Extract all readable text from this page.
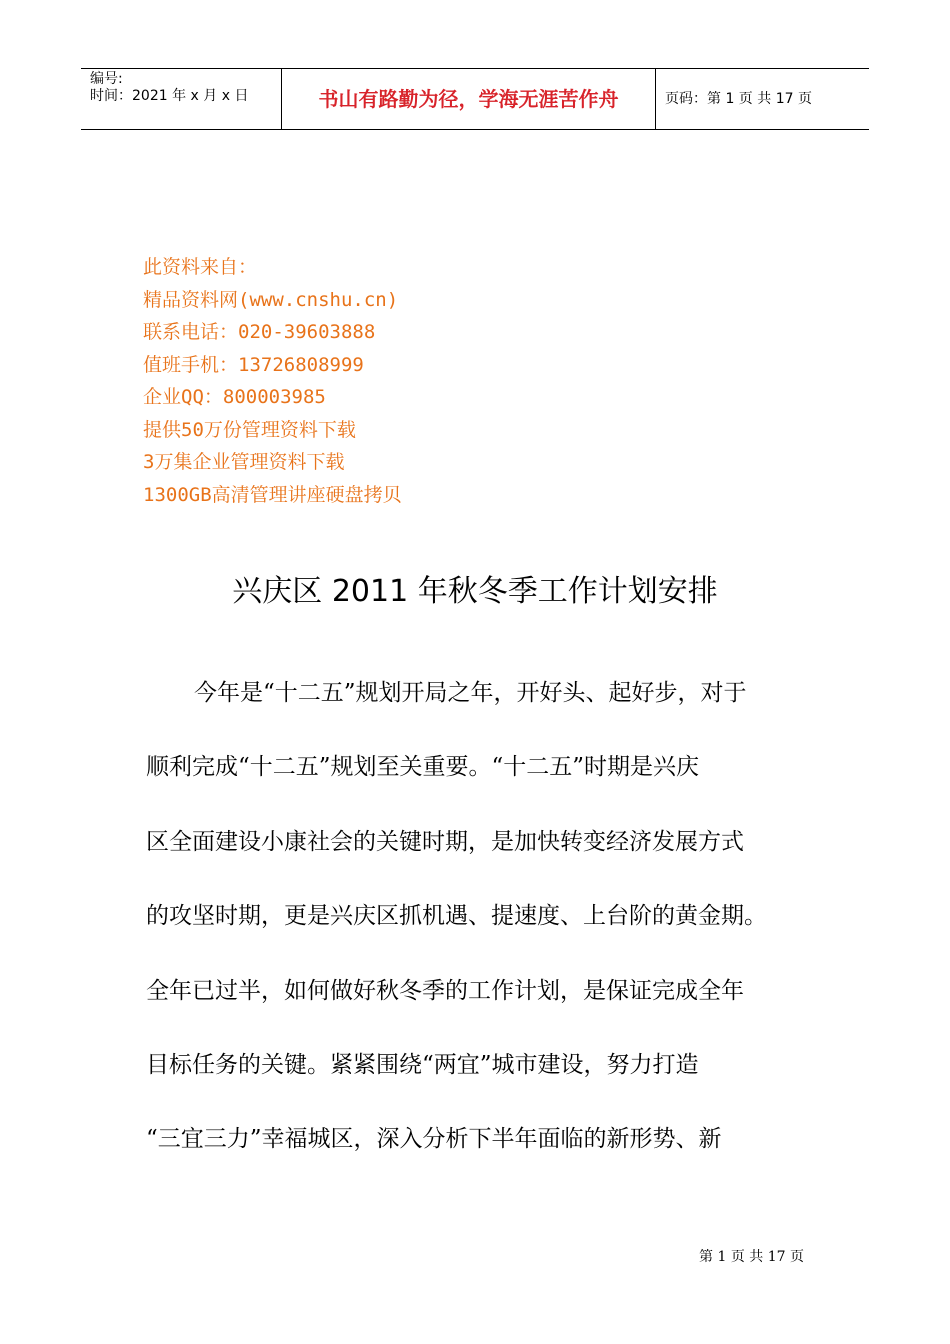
编号:
时间：2021 年 x 月 x 日	书山有路勤为径，学海无涯苦作舟	页码：第 1 页 共 17 页
此资料来自：
精品资料网(www.cnshu.cn)
联系电话：020-39603888
值班手机：13726808999
企业QQ：800003985
提供50万份管理资料下载
3万集企业管理资料下载
1300GB高清管理讲座硬盘拷贝
兴庆区 2011 年秋冬季工作计划安排
今年是“十二五”规划开局之年，开好头、起好步，对于
顺利完成“十二五”规划至关重要。“十二五”时期是兴庆
区全面建设小康社会的关键时期，是加快转变经济发展方式
的攻坚时期，更是兴庆区抓机遇、提速度、上台阶的黄金期。
全年已过半，如何做好秋冬季的工作计划，是保证完成全年
目标任务的关键。紧紧围绕“两宜”城市建设，努力打造
“三宜三力”幸福城区，深入分析下半年面临的新形势、新
第 1 页 共 17 页
